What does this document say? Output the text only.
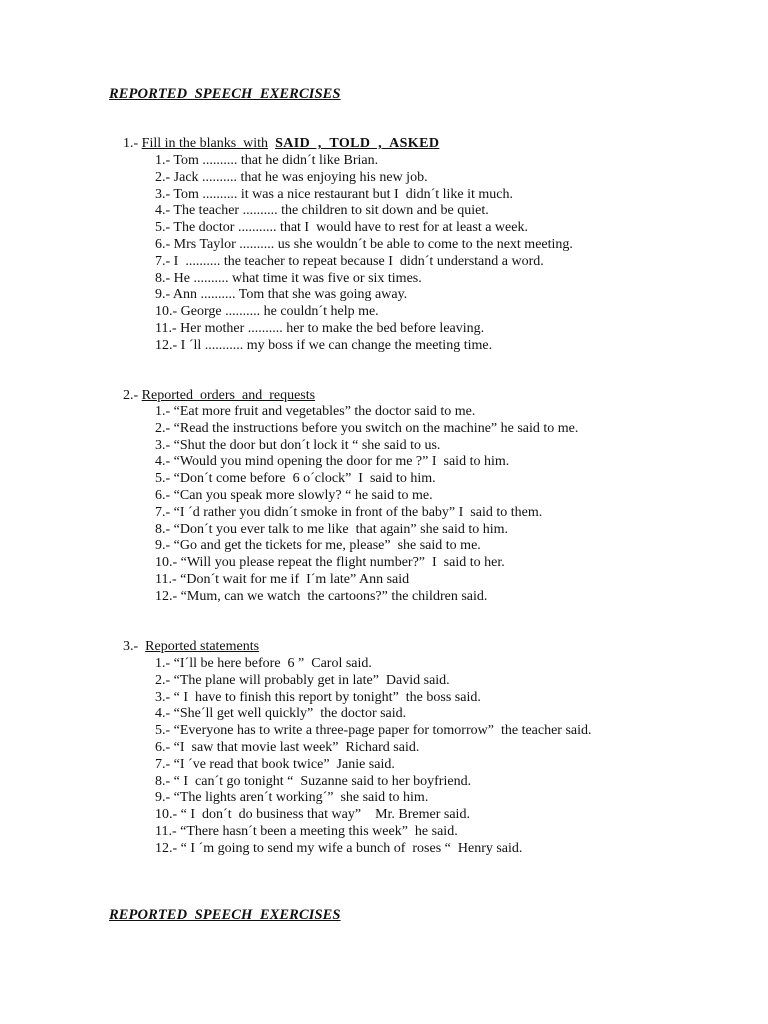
REPORTED  SPEECH  EXERCISES

1.- Fill in the blanks  with SAID  ,  TOLD  ,  ASKED

1.- Tom .......... that he didn´t like Brian.
2.- Jack .......... that he was enjoying his new job.
3.- Tom .......... it was a nice restaurant but I  didn´t like it much.
4.- The teacher .......... the children to sit down and be quiet.
5.- The doctor ........... that I  would have to rest for at least a week.
6.- Mrs Taylor .......... us she wouldn´t be able to come to the next meeting.
7.- I  .......... the teacher to repeat because I  didn´t understand a word.
8.- He .......... what time it was five or six times.
9.- Ann .......... Tom that she was going away.
10.- George .......... he couldn´t help me.
11.- Her mother .......... her to make the bed before leaving.
12.- I ´ll ........... my boss if we can change the meeting time.

2.- Reported  orders  and  requests

1.- “Eat more fruit and vegetables” the doctor said to me.
2.- “Read the instructions before you switch on the machine” he said to me.
3.- “Shut the door but don´t lock it “ she said to us.
4.- “Would you mind opening the door for me ?” I  said to him.
5.- “Don´t come before  6 o´clock”  I  said to him.
6.- “Can you speak more slowly? “ he said to me.
7.- “I ´d rather you didn´t smoke in front of the baby” I  said to them.
8.- “Don´t you ever talk to me like  that again” she said to him.
9.- “Go and get the tickets for me, please”  she said to me.
10.- “Will you please repeat the flight number?”  I  said to her.
11.- “Don´t wait for me if  I´m late” Ann said
12.- “Mum, can we watch  the cartoons?” the children said.

3.-  Reported statements

1.- “I´ll be here before  6 ”  Carol said.
2.- “The plane will probably get in late”  David said.
3.- “ I  have to finish this report by tonight”  the boss said.
4.- “She´ll get well quickly”  the doctor said.
5.- “Everyone has to write a three-page paper for tomorrow”  the teacher said.
6.- “I  saw that movie last week”  Richard said.
7.- “I ´ve read that book twice”  Janie said.
8.- “ I  can´t go tonight “  Suzanne said to her boyfriend.
9.- “The lights aren´t working´”  she said to him.
10.- “ I  don´t  do business that way”    Mr. Bremer said.
11.- “There hasn´t been a meeting this week”  he said.
12.- “ I ´m going to send my wife a bunch of  roses “  Henry said.
REPORTED  SPEECH  EXERCISES
